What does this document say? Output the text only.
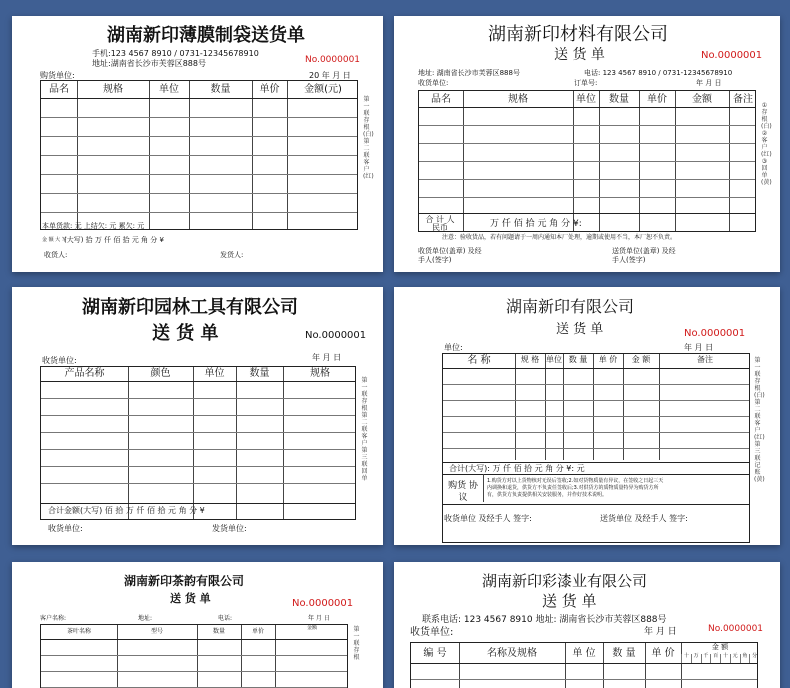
湖南新印薄膜制袋送货单
手机:123 4567 8910 / 0731-12345678910
地址:湖南省长沙市芙蓉区888号	No.0000001
购货单位:	20 年 月 日
品名	规格	单位	数量	单价	金额(元)
第一联存根(白) 第二联客户(红)
本单货款: 元 上结欠: 元 累欠: 元
金 额 大 写
(大写) 拾 万 仟 佰 拾 元 角 分 ¥
收货人:	发货人:
湖南新印材料有限公司
送 货 单	No.0000001
地址: 湖南省长沙市芙蓉区888号	电话: 123 4567 8910 / 0731-12345678910
收货单位:	订单号:	年 月 日
品名	规格	单位	数量	单价	金额	备注
①存根(白) ②客户(红) ③回单(黄)
合 计 人民币	万 仟 佰 拾 元 角 分 ¥:
注意：验收货品，若有问题请于一周内通知本厂处理，逾期或使用不当，本厂恕不负责。
收货单位(盖章) 及经手人(签字)
送货单位(盖章) 及经手人(签字)
湖南新印园林工具有限公司
送 货 单	No.0000001
收货单位:	年 月 日
产品名称	颜色	单位	数量	规格
第一联存根 第二联客户 第三联回单
合计金额(大写) 佰 拾 万 仟 佰 拾 元 角 分 ¥
收货单位:	发货单位:
湖南新印有限公司
送 货 单	No.0000001
单位:	年 月 日
名 称	规 格 单位 数 量	单 价	金 额	备注
合计(大写): 万 仟 佰 拾 元 角 分 ¥: 元
购货 协议
1.购货方对以上货物核对无误后签收;2.如对货物质量有异议，在签收之日起三天内调换和退货，供货方不负责任签收后;3.对供货方的质物质量特异为购货方所有，供货方负责提供相关安装服务，并作好技术说明。
第一联存根(白) 第二联客户(红) 第三联记账(黄)
收货单位 及经手人 签字:	送货单位 及经手人 签字:
湖南新印茶韵有限公司
送 货 单	No.0000001
客户名称:	地址:	电话:	年 月 日
茶叶名称	型号	数量	单价	金额	第一联 存根
湖南新印彩漆业有限公司
送 货 单
联系电话: 123 4567 8910 地址: 湖南省长沙市芙蓉区888号
No.0000001
收货单位:	年 月 日
编 号	名称及规格	单 位	数 量	单 价
金 额
十 万 千 百 十 元 角 分
